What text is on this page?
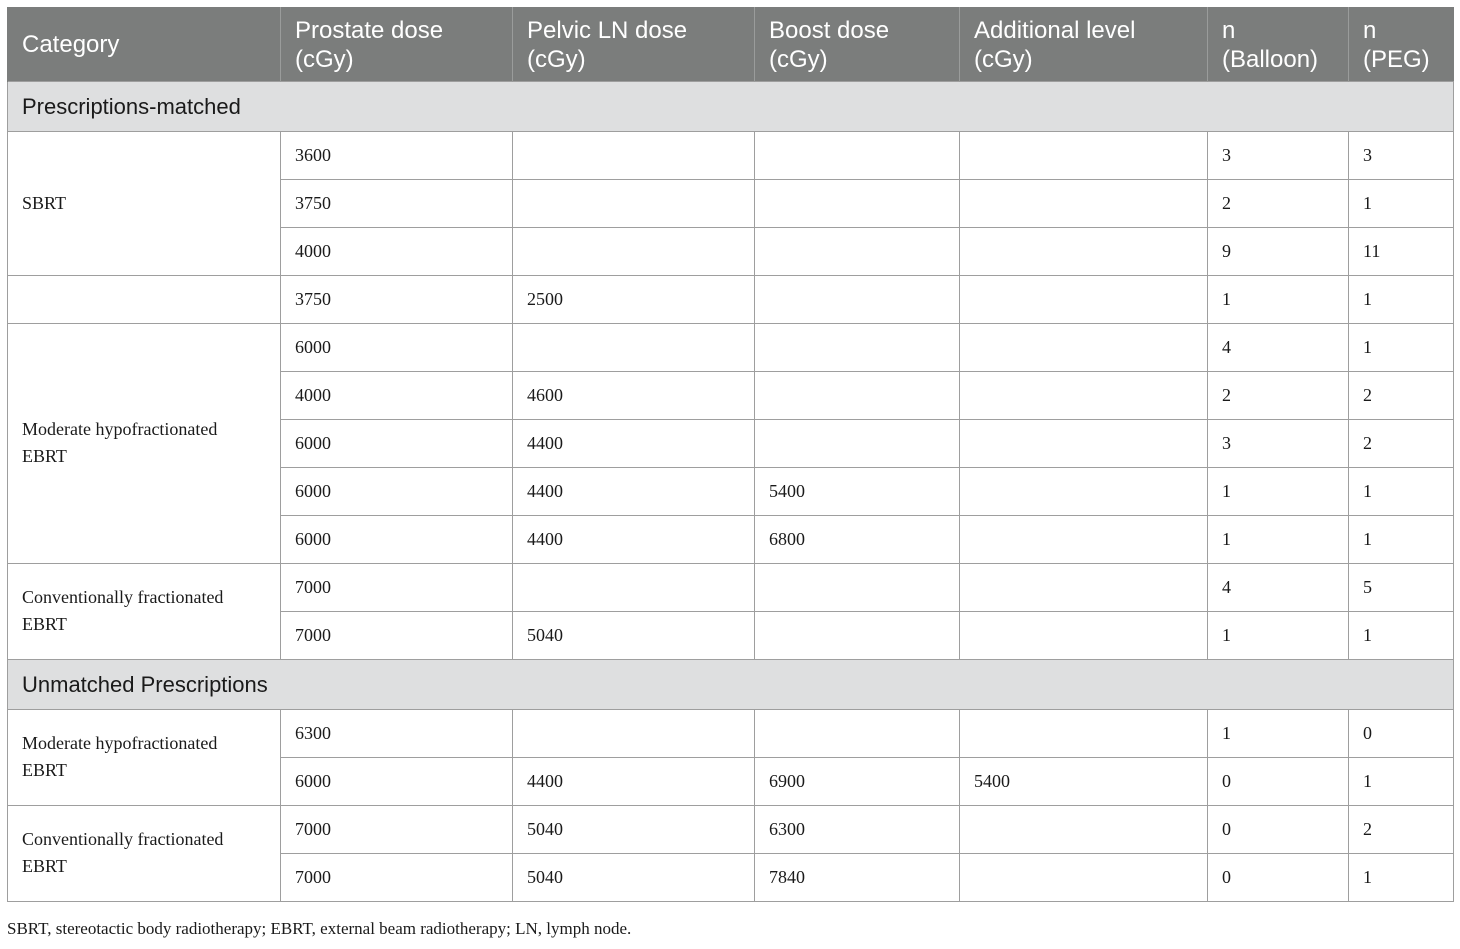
Category	Prostate dose (cGy)	Pelvic LN dose (cGy)	Boost dose (cGy)	Additional level (cGy)	n (Balloon)	n (PEG)
Prescriptions-matched						
SBRT	3600				3	3
	3750				2	1
	4000				9	11
	3750	2500			1	1
Moderate hypofractionated EBRT	6000				4	1
	4000	4600			2	2
	6000	4400			3	2
	6000	4400	5400		1	1
	6000	4400	6800		1	1
Conventionally fractionated EBRT	7000				4	5
	7000	5040			1	1
Unmatched Prescriptions						
Moderate hypofractionated EBRT	6300				1	0
	6000	4400	6900	5400	0	1
Conventionally fractionated EBRT	7000	5040	6300		0	2
	7000	5040	7840		0	1
SBRT, stereotactic body radiotherapy; EBRT, external beam radiotherapy; LN, lymph node.
